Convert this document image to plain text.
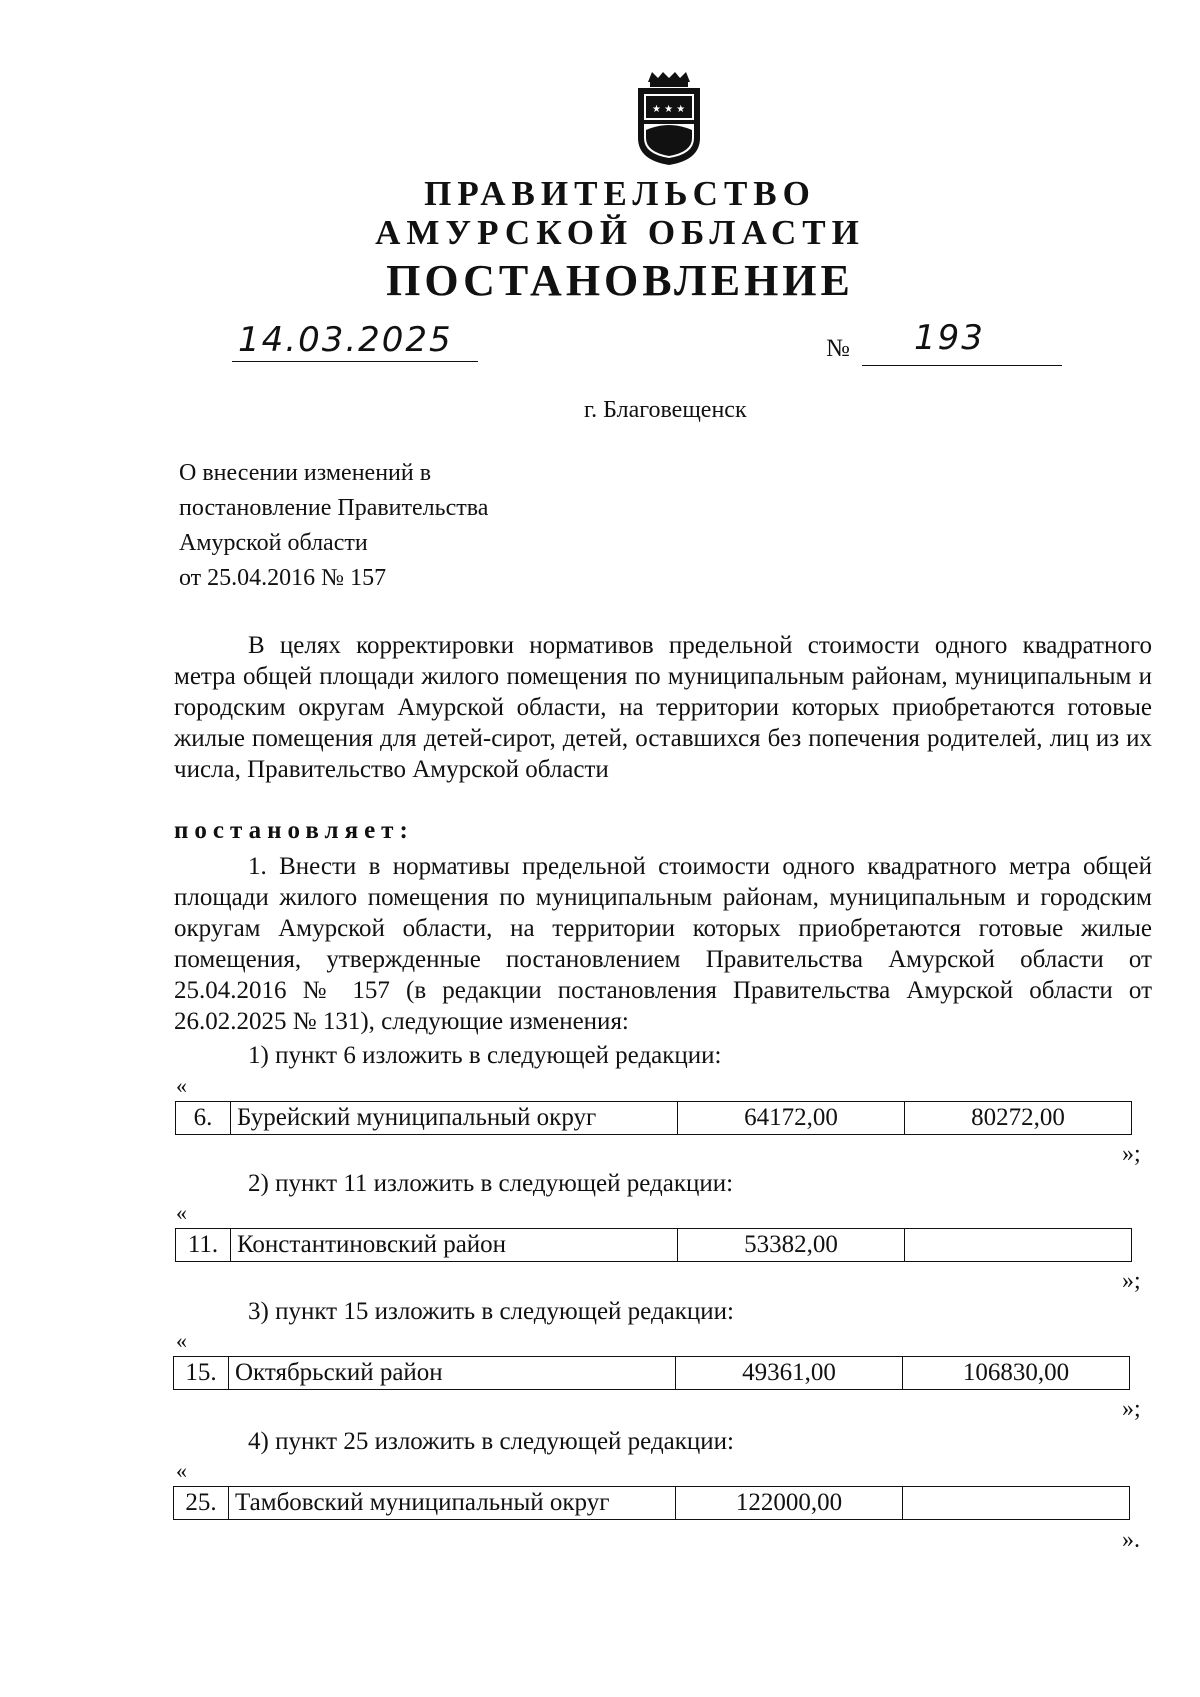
★ ★ ★
ПРАВИТЕЛЬСТВО
АМУРСКОЙ ОБЛАСТИ
ПОСТАНОВЛЕНИЕ
14.03.2025	№ 193
г. Благовещенск
О внесении изменений в
постановление Правительства
Амурской области
от 25.04.2016 № 157
В целях корректировки нормативов предельной стоимости одного квадратного метра общей площади жилого помещения по муниципальным районам, муниципальным и городским округам Амурской области, на территории которых приобретаются готовые жилые помещения для детей-сирот, детей, оставшихся без попечения родителей, лиц из их числа, Правительство Амурской области
постановляет:
1. Внести в нормативы предельной стоимости одного квадратного метра общей площади жилого помещения по муниципальным районам, муниципальным и городским округам Амурской области, на территории которых приобретаются готовые жилые помещения, утвержденные постановлением Правительства Амурской области от 25.04.2016 № 157 (в редакции постановления Правительства Амурской области от 26.02.2025 № 131), следующие изменения:
1) пункт 6 изложить в следующей редакции:
«
6.	Бурейский муниципальный округ	64172,00	80272,00
»;
2) пункт 11 изложить в следующей редакции:
«
11.	Константиновский район	53382,00	
»;
3) пункт 15 изложить в следующей редакции:
«
15.	Октябрьский район	49361,00	106830,00
»;
4) пункт 25 изложить в следующей редакции:
«
25.	Тамбовский муниципальный округ	122000,00	
».
